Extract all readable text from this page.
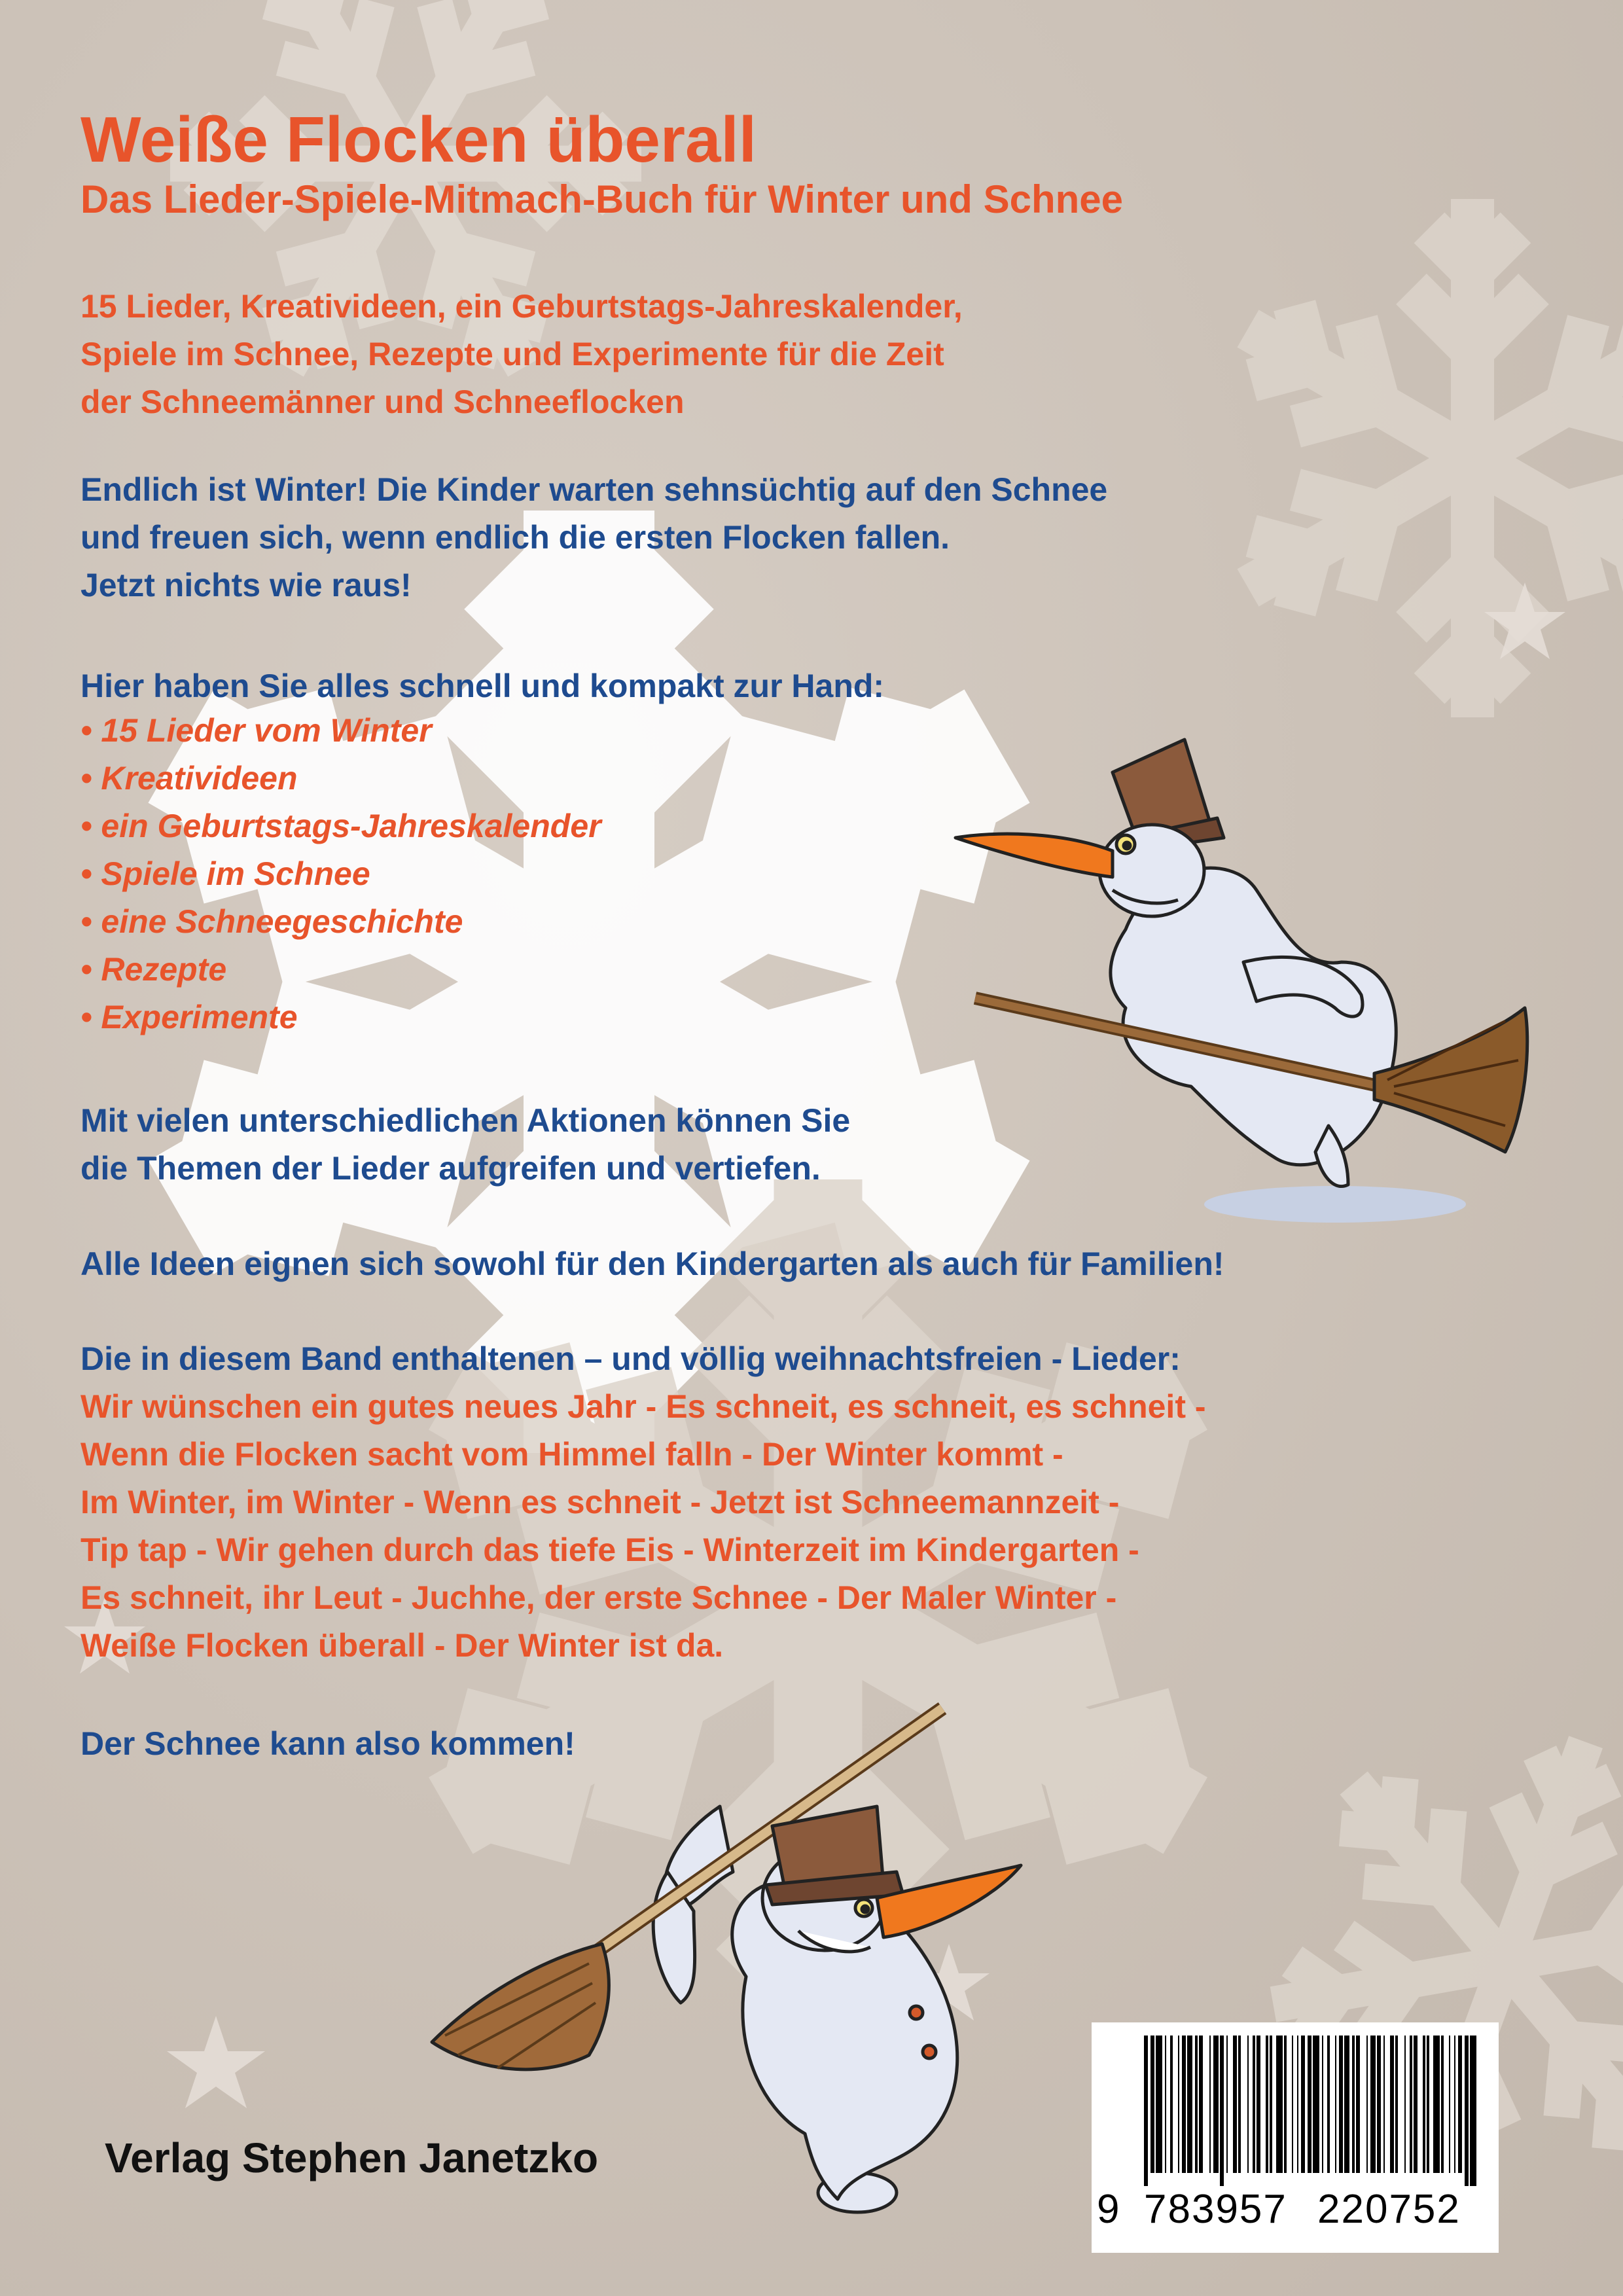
Weiße Flocken überall
Das Lieder-Spiele-Mitmach-Buch für Winter und Schnee
15 Lieder, Kreativideen, ein Geburtstags-Jahreskalender,
Spiele im Schnee, Rezepte und Experimente für die Zeit
der Schneemänner und Schneeflocken
Endlich ist Winter! Die Kinder warten sehnsüchtig auf den Schnee
und freuen sich, wenn endlich die ersten Flocken fallen.
Jetzt nichts wie raus!
Hier haben Sie alles schnell und kompakt zur Hand:
• 15 Lieder vom Winter
• Kreativideen
• ein Geburtstags-Jahreskalender
• Spiele im Schnee
• eine Schneegeschichte
• Rezepte
• Experimente
Mit vielen unterschiedlichen Aktionen können Sie
die Themen der Lieder aufgreifen und vertiefen.
Alle Ideen eignen sich sowohl für den Kindergarten als auch für Familien!
Die in diesem Band enthaltenen – und völlig weihnachtsfreien - Lieder:
Wir wünschen ein gutes neues Jahr - Es schneit, es schneit, es schneit -
Wenn die Flocken sacht vom Himmel falln - Der Winter kommt -
Im Winter, im Winter - Wenn es schneit - Jetzt ist Schneemannzeit -
Tip tap - Wir gehen durch das tiefe Eis - Winterzeit im Kindergarten -
Es schneit, ihr Leut - Juchhe, der erste Schnee - Der Maler Winter -
Weiße Flocken überall - Der Winter ist da.
Der Schnee kann also kommen!
Verlag Stephen Janetzko
9 783957 220752
